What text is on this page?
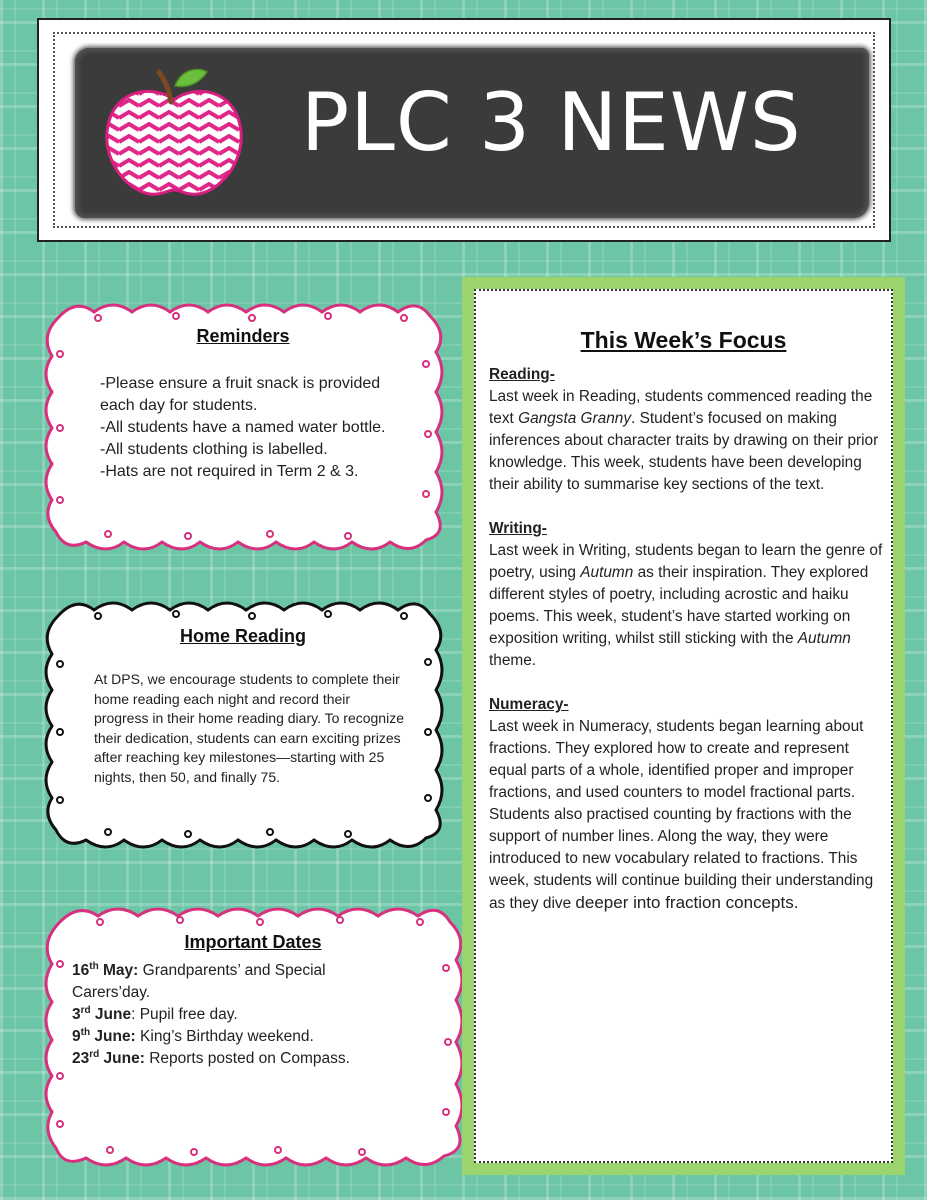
PLC 3 NEWS

Reminders

-Please ensure a fruit snack is provided each day for students.
-All students have a named water bottle.
-All students clothing is labelled.
-Hats are not required in Term 2 & 3.

Home Reading

At DPS, we encourage students to complete their home reading each night and record their progress in their home reading diary. To recognize their dedication, students can earn exciting prizes after reaching key milestones—starting with 25 nights, then 50, and finally 75.

Important Dates

16th May: Grandparents’ and Special Carers’day.
3rd June: Pupil free day.
9th June: King’s Birthday weekend.
23rd June: Reports posted on Compass.
This Week’s Focus

Reading-

Last week in Reading, students commenced reading the text Gangsta Granny. Student’s focused on making inferences about character traits by drawing on their prior knowledge. This week, students have been developing their ability to summarise key sections of the text.

Writing-

Last week in Writing, students began to learn the genre of poetry, using Autumn as their inspiration. They explored different styles of poetry, including acrostic and haiku poems. This week, student’s have started working on exposition writing, whilst still sticking with the Autumn theme.

Numeracy-

Last week in Numeracy, students began learning about fractions. They explored how to create and represent equal parts of a whole, identified proper and improper fractions, and used counters to model fractional parts. Students also practised counting by fractions with the support of number lines. Along the way, they were introduced to new vocabulary related to fractions. This week, students will continue building their understanding as they dive deeper into fraction concepts.
